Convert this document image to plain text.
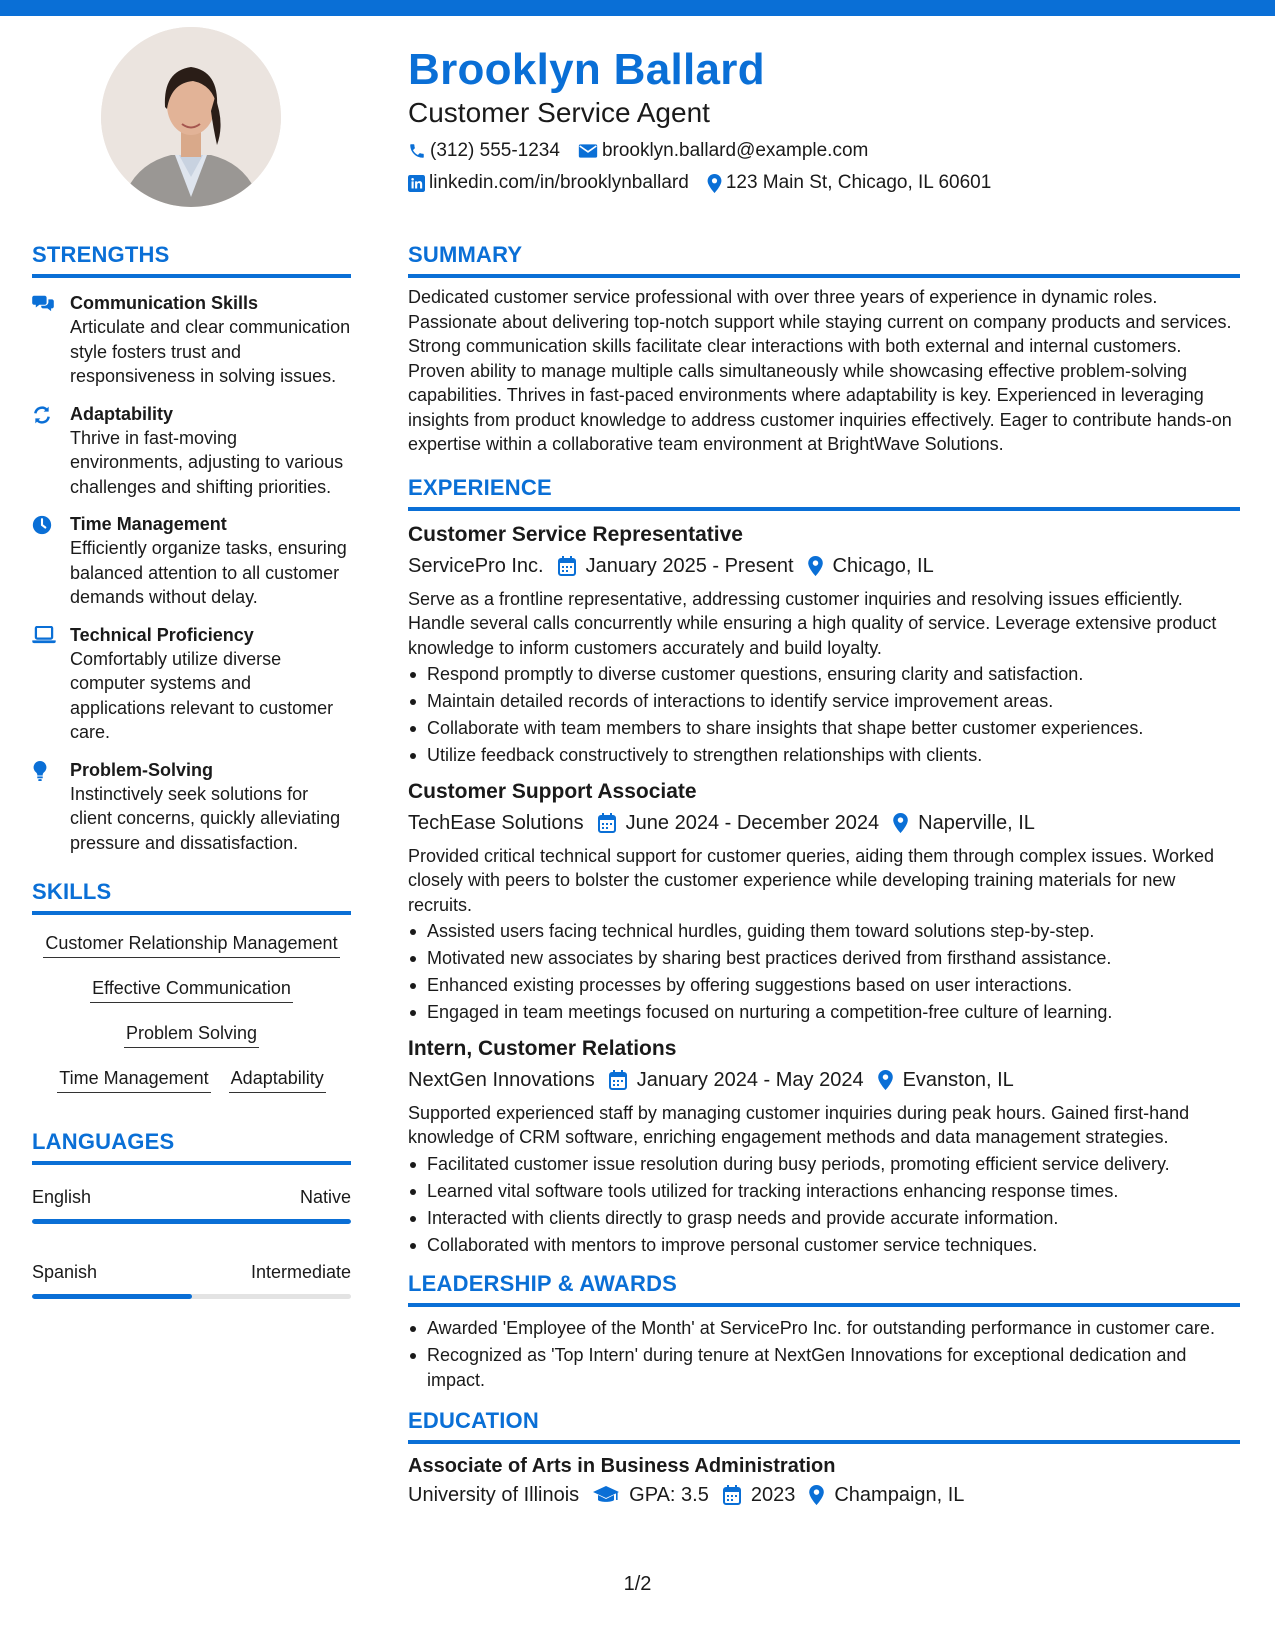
Brooklyn Ballard
Customer Service Agent
(312) 555-1234 brooklyn.ballard@example.com
linkedin.com/in/brooklynballard 123 Main St, Chicago, IL 60601
STRENGTHS
Communication Skills
Articulate and clear communication style fosters trust and responsiveness in solving issues.
Adaptability
Thrive in fast-moving environments, adjusting to various challenges and shifting priorities.
Time Management
Efficiently organize tasks, ensuring balanced attention to all customer demands without delay.
Technical Proficiency
Comfortably utilize diverse computer systems and applications relevant to customer care.
Problem-Solving
Instinctively seek solutions for client concerns, quickly alleviating pressure and dissatisfaction.
SKILLS
Customer Relationship Management
Effective Communication
Problem Solving
Time Management Adaptability
LANGUAGES
English	Native
Spanish	Intermediate
SUMMARY
Dedicated customer service professional with over three years of experience in dynamic roles. Passionate about delivering top-notch support while staying current on company products and services. Strong communication skills facilitate clear interactions with both external and internal customers. Proven ability to manage multiple calls simultaneously while showcasing effective problem-solving capabilities. Thrives in fast-paced environments where adaptability is key. Experienced in leveraging insights from product knowledge to address customer inquiries effectively. Eager to contribute hands-on expertise within a collaborative team environment at BrightWave Solutions.
EXPERIENCE
Customer Service Representative
ServicePro Inc. January 2025 - Present Chicago, IL
Serve as a frontline representative, addressing customer inquiries and resolving issues efficiently. Handle several calls concurrently while ensuring a high quality of service. Leverage extensive product knowledge to inform customers accurately and build loyalty.
Respond promptly to diverse customer questions, ensuring clarity and satisfaction.
Maintain detailed records of interactions to identify service improvement areas.
Collaborate with team members to share insights that shape better customer experiences.
Utilize feedback constructively to strengthen relationships with clients.
Customer Support Associate
TechEase Solutions June 2024 - December 2024 Naperville, IL
Provided critical technical support for customer queries, aiding them through complex issues. Worked closely with peers to bolster the customer experience while developing training materials for new recruits.
Assisted users facing technical hurdles, guiding them toward solutions step-by-step.
Motivated new associates by sharing best practices derived from firsthand assistance.
Enhanced existing processes by offering suggestions based on user interactions.
Engaged in team meetings focused on nurturing a competition-free culture of learning.
Intern, Customer Relations
NextGen Innovations January 2024 - May 2024 Evanston, IL
Supported experienced staff by managing customer inquiries during peak hours. Gained first-hand knowledge of CRM software, enriching engagement methods and data management strategies.
Facilitated customer issue resolution during busy periods, promoting efficient service delivery.
Learned vital software tools utilized for tracking interactions enhancing response times.
Interacted with clients directly to grasp needs and provide accurate information.
Collaborated with mentors to improve personal customer service techniques.
LEADERSHIP & AWARDS
Awarded 'Employee of the Month' at ServicePro Inc. for outstanding performance in customer care.
Recognized as 'Top Intern' during tenure at NextGen Innovations for exceptional dedication and impact.
EDUCATION
Associate of Arts in Business Administration
University of Illinois	GPA: 3.5 2023 Champaign, IL
1/2
